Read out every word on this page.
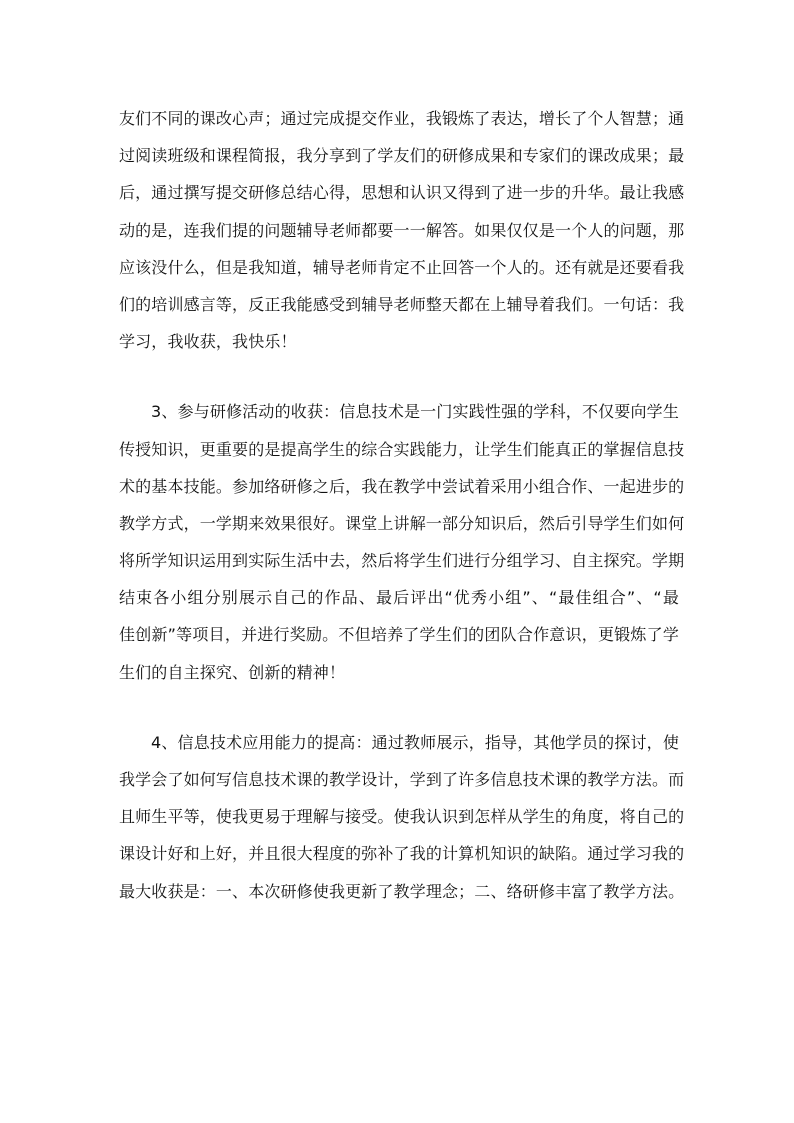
友们不同的课改心声；通过完成提交作业，我锻炼了表达，增长了个人智慧；通
过阅读班级和课程简报，我分享到了学友们的研修成果和专家们的课改成果；最
后，通过撰写提交研修总结心得，思想和认识又得到了进一步的升华。最让我感
动的是，连我们提的问题辅导老师都要一一解答。如果仅仅是一个人的问题，那
应该没什么，但是我知道，辅导老师肯定不止回答一个人的。还有就是还要看我
们的培训感言等，反正我能感受到辅导老师整天都在上辅导着我们。一句话：我
学习，我收获，我快乐！
3、参与研修活动的收获：信息技术是一门实践性强的学科，不仅要向学生
传授知识，更重要的是提高学生的综合实践能力，让学生们能真正的掌握信息技
术的基本技能。参加络研修之后，我在教学中尝试着采用小组合作、一起进步的
教学方式，一学期来效果很好。课堂上讲解一部分知识后，然后引导学生们如何
将所学知识运用到实际生活中去，然后将学生们进行分组学习、自主探究。学期
结束各小组分别展示自己的作品、最后评出“优秀小组”、“最佳组合”、“最
佳创新”等项目，并进行奖励。不但培养了学生们的团队合作意识，更锻炼了学
生们的自主探究、创新的精神！
4、信息技术应用能力的提高：通过教师展示，指导，其他学员的探讨，使
我学会了如何写信息技术课的教学设计，学到了许多信息技术课的教学方法。而
且师生平等，使我更易于理解与接受。使我认识到怎样从学生的角度，将自己的
课设计好和上好，并且很大程度的弥补了我的计算机知识的缺陷。通过学习我的
最大收获是：一、本次研修使我更新了教学理念；二、络研修丰富了教学方法。
